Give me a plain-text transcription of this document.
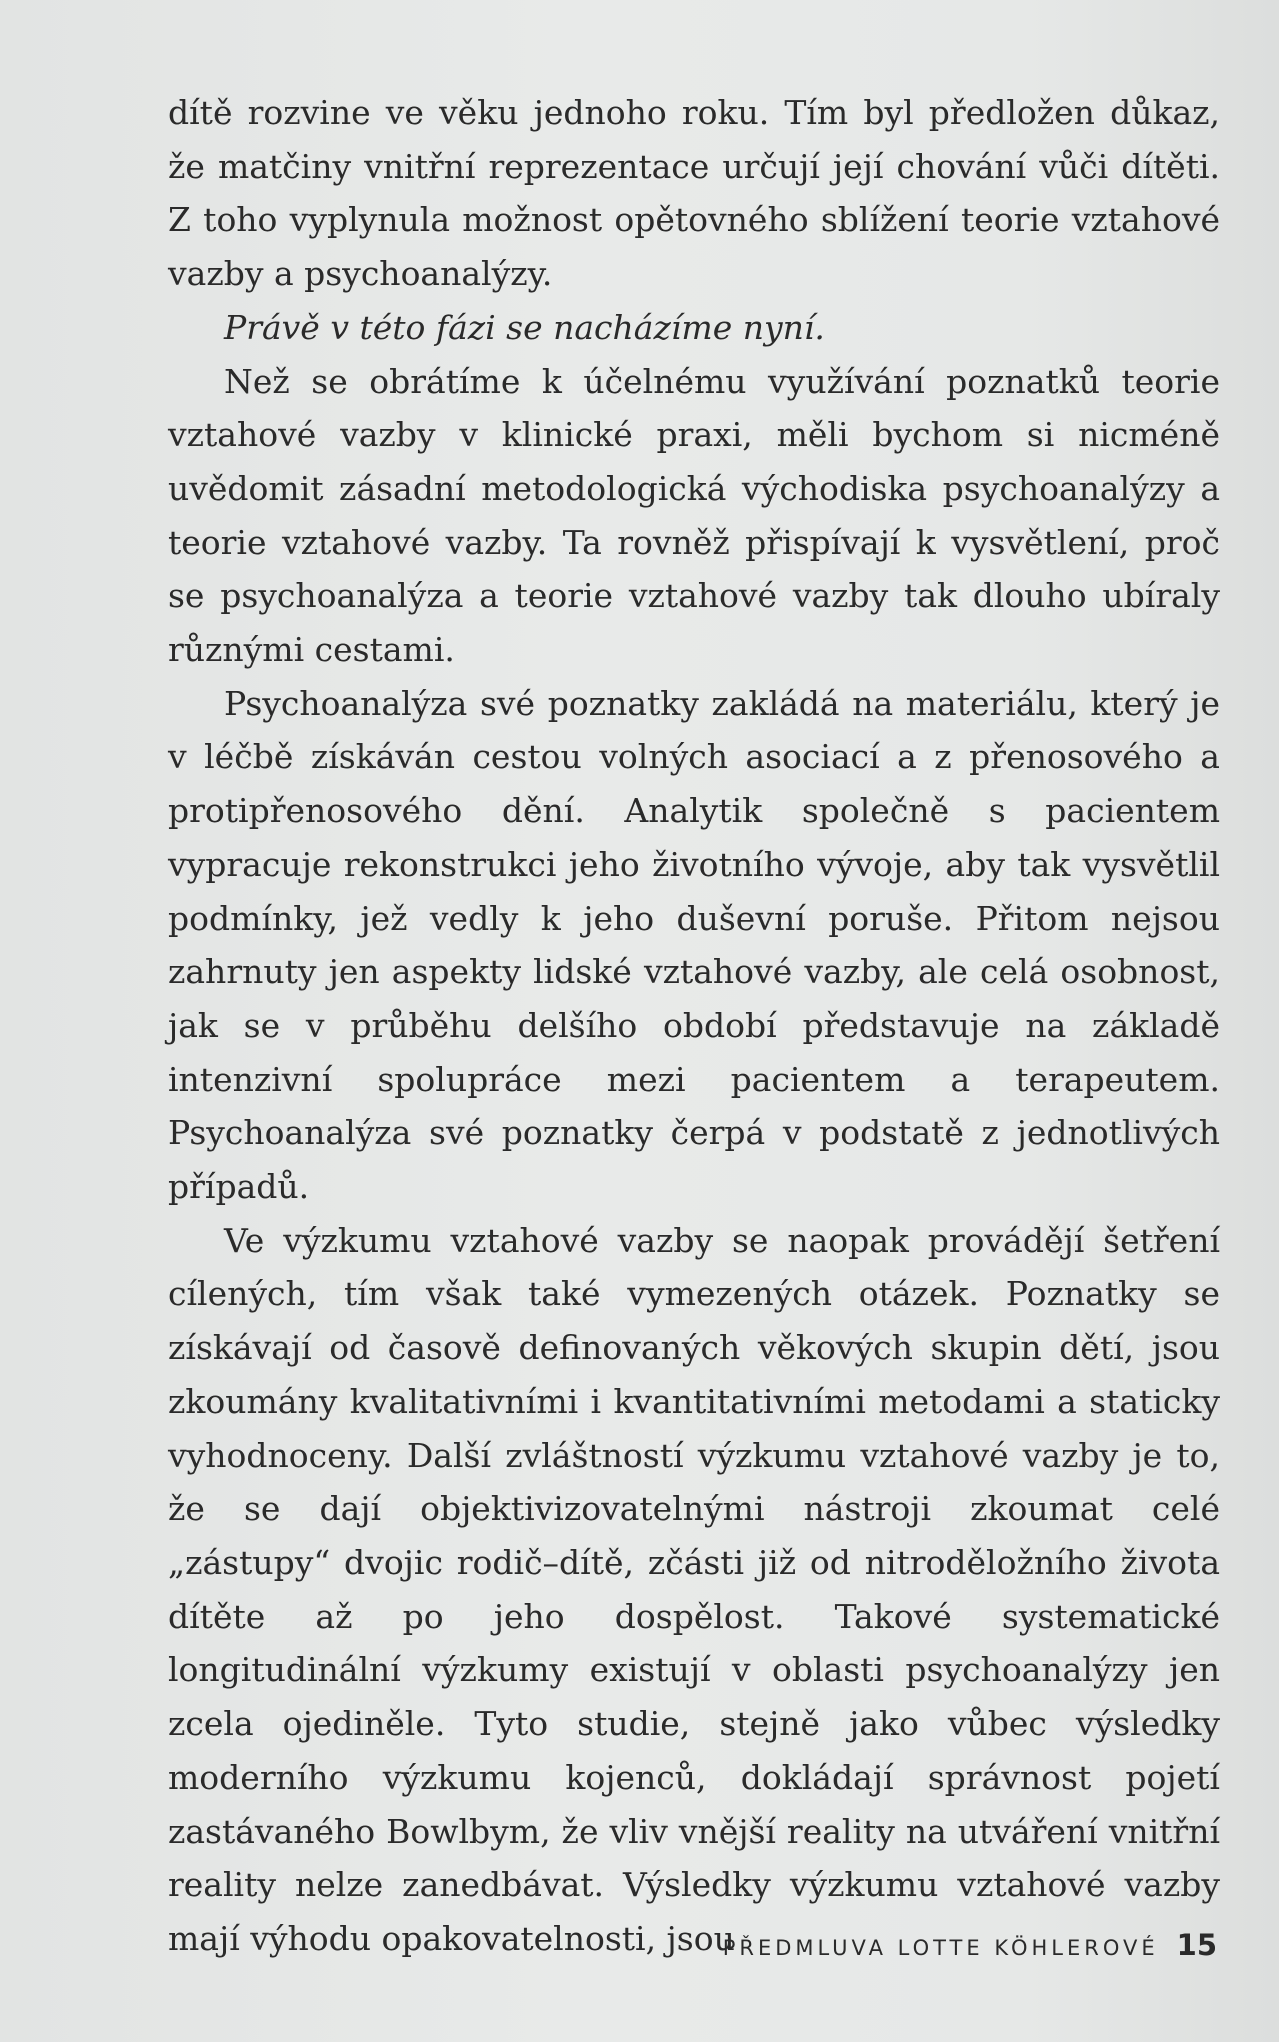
dítě rozvine ve věku jednoho roku. Tím byl předložen důkaz, že matčiny vnitřní reprezentace určují její chování vůči dítěti. Z toho vyplynula možnost opětovného sblížení teorie vztahové vazby a psychoanalýzy.

Právě v této fázi se nacházíme nyní.

Než se obrátíme k účelnému využívání poznatků teorie vztahové vazby v klinické praxi, měli bychom si nicméně uvědomit zásadní metodologická východiska psychoanalýzy a teorie vztahové vazby. Ta rovněž přispívají k vysvětlení, proč se psychoanalýza a teorie vztahové vazby tak dlouho ubíraly různými cestami.

Psychoanalýza své poznatky zakládá na materiálu, který je v léčbě získáván cestou volných asociací a z přenosového a protipřenosového dění. Analytik společně s pacientem vypracuje rekonstrukci jeho životního vývoje, aby tak vysvětlil podmínky, jež vedly k jeho duševní poruše. Přitom nejsou zahrnuty jen aspekty lidské vztahové vazby, ale celá osobnost, jak se v průběhu delšího období představuje na základě intenzivní spolupráce mezi pacientem a terapeutem. Psychoanalýza své poznatky čerpá v podstatě z jednotlivých případů.

Ve výzkumu vztahové vazby se naopak provádějí šetření cílených, tím však také vymezených otázek. Poznatky se získávají od časově definovaných věkových skupin dětí, jsou zkoumány kvalitativními i kvantitativními metodami a staticky vyhodnoceny. Další zvláštností výzkumu vztahové vazby je to, že se dají objektivizovatelnými nástroji zkoumat celé „zástupy“ dvojic rodič–dítě, zčásti již od nitroděložního života dítěte až po jeho dospělost. Takové systematické longitudinální výzkumy existují v oblasti psychoanalýzy jen zcela ojediněle. Tyto studie, stejně jako vůbec výsledky moderního výzkumu kojenců, dokládají správnost pojetí zastávaného Bowlbym, že vliv vnější reality na utváření vnitřní reality nelze zanedbávat. Výsledky výzkumu vztahové vazby mají výhodu opakovatelnosti, jsou

PŘEDMLUVA LOTTE KÖHLEROVÉ 15
